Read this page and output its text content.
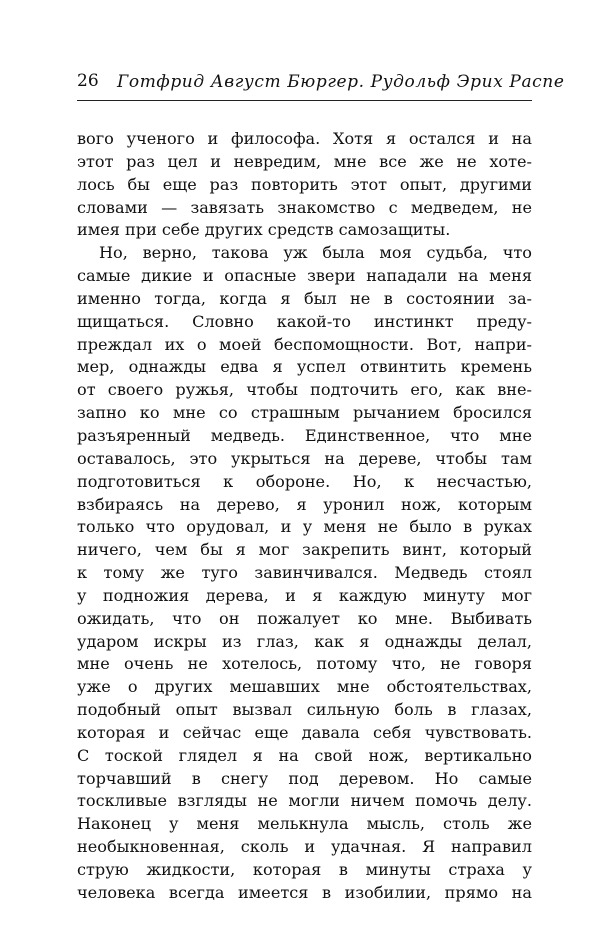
26 Готфрид Август Бюргер. Рудольф Эрих Распе
вого ученого и философа. Хотя я остался и на
этот раз цел и невредим, мне все же не хоте-
лось бы еще раз повторить этот опыт, другими
словами — завязать знакомство с медведем, не
имея при себе других средств самозащиты.
Но, верно, такова уж была моя судьба, что
самые дикие и опасные звери нападали на меня
именно тогда, когда я был не в состоянии за-
щищаться. Словно какой-то инстинкт преду-
преждал их о моей беспомощности. Вот, напри-
мер, однажды едва я успел отвинтить кремень
от своего ружья, чтобы подточить его, как вне-
запно ко мне со страшным рычанием бросился
разъяренный медведь. Единственное, что мне
оставалось, это укрыться на дереве, чтобы там
подготовиться к обороне. Но, к несчастью,
взбираясь на дерево, я уронил нож, которым
только что орудовал, и у меня не было в руках
ничего, чем бы я мог закрепить винт, который
к тому же туго завинчивался. Медведь стоял
у подножия дерева, и я каждую минуту мог
ожидать, что он пожалует ко мне. Выбивать
ударом искры из глаз, как я однажды делал,
мне очень не хотелось, потому что, не говоря
уже о других мешавших мне обстоятельствах,
подобный опыт вызвал сильную боль в глазах,
которая и сейчас еще давала себя чувствовать.
С тоской глядел я на свой нож, вертикально
торчавший в снегу под деревом. Но самые
тоскливые взгляды не могли ничем помочь делу.
Наконец у меня мелькнула мысль, столь же
необыкновенная, сколь и удачная. Я направил
струю жидкости, которая в минуты страха у
человека всегда имеется в изобилии, прямо на
